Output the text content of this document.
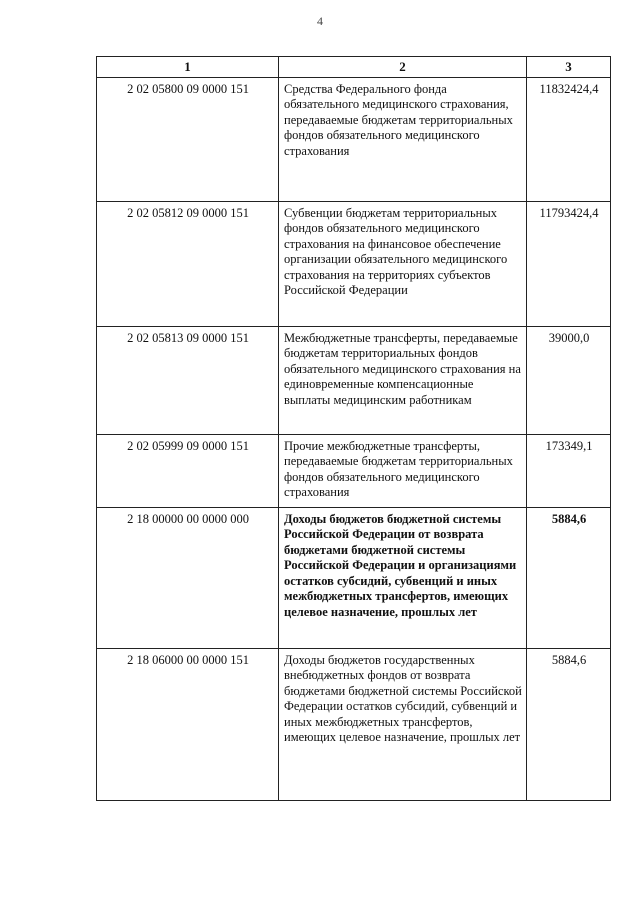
4
1	2	3
2 02 05800 09 0000 151	Средства Федерального фонда обязательного медицинского страхования, передаваемые бюджетам территориальных фондов обязательного медицинского страхования	11832424,4
2 02 05812 09 0000 151	Субвенции бюджетам территориальных фондов обязательного медицинского страхования на финансовое обеспечение организации обязательного медицинского страхования на территориях субъектов Российской Федерации	11793424,4
2 02 05813 09 0000 151	Межбюджетные трансферты, передаваемые бюджетам территориальных фондов обязательного медицинского страхования на единовременные компенсационные выплаты медицинским работникам	39000,0
2 02 05999 09 0000 151	Прочие межбюджетные трансферты, передаваемые бюджетам территориальных фондов обязательного медицинского страхования	173349,1
2 18 00000 00 0000 000	Доходы бюджетов бюджетной системы Российской Федерации от возврата бюджетами бюджетной системы Российской Федерации и организациями остатков субсидий, субвенций и иных межбюджетных трансфертов, имеющих целевое назначение, прошлых лет	5884,6
2 18 06000 00 0000 151	Доходы бюджетов государственных внебюджетных фондов от возврата бюджетами бюджетной системы Российской Федерации остатков субсидий, субвенций и иных межбюджетных трансфертов, имеющих целевое назначение, прошлых лет	5884,6
